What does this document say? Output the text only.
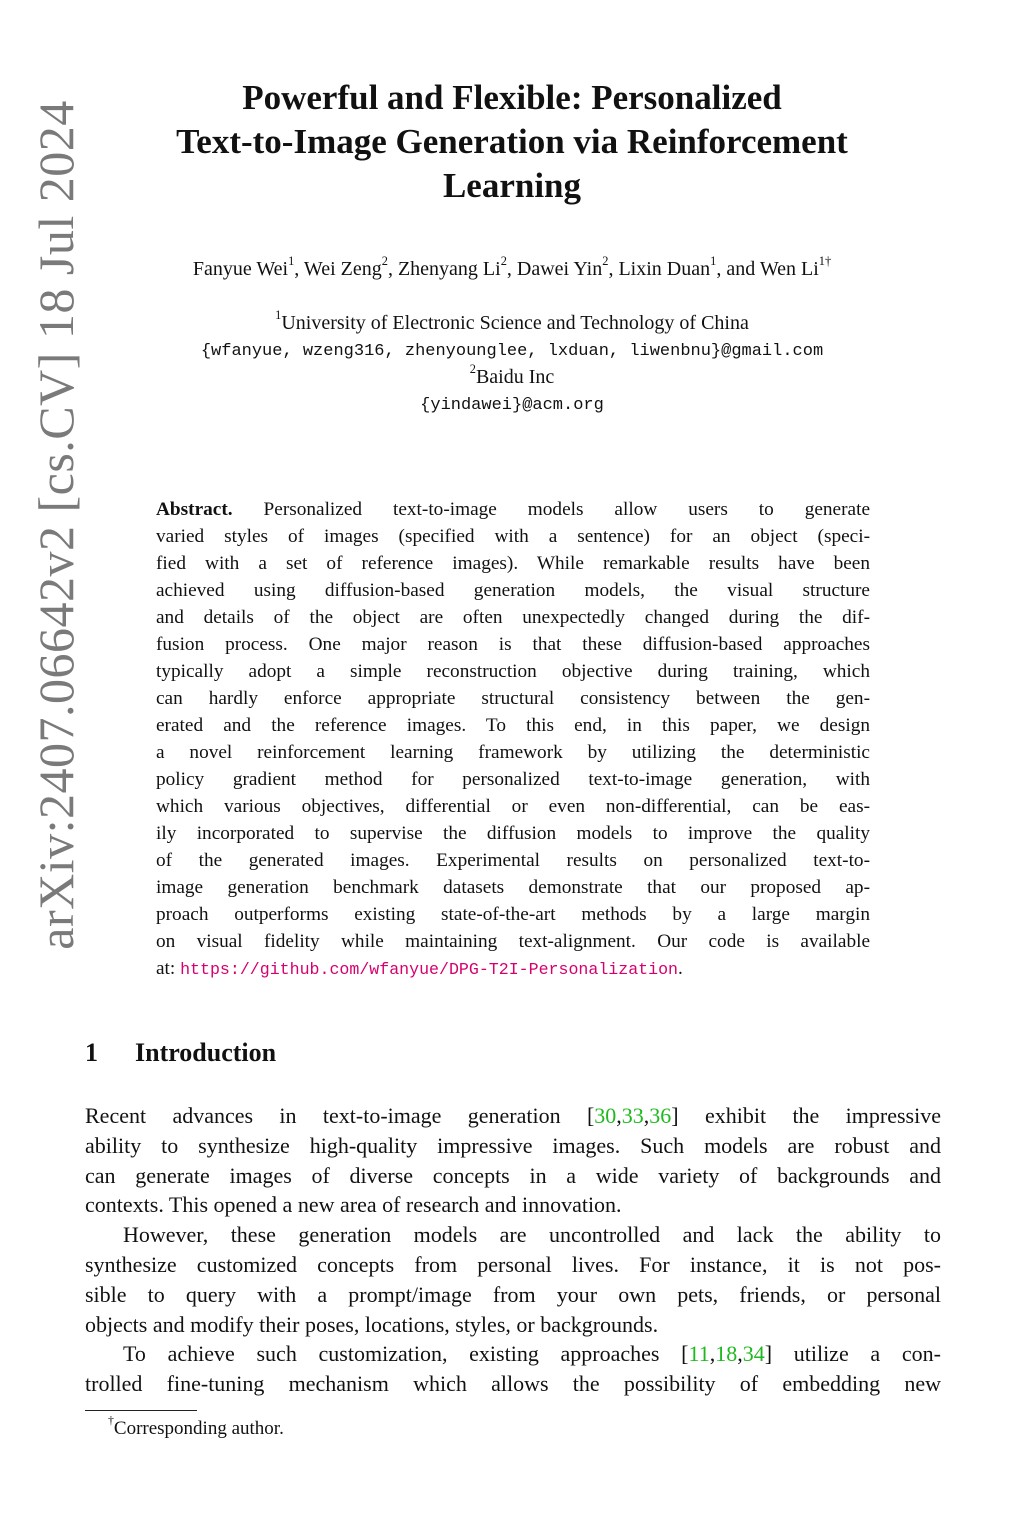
arXiv:2407.06642v2 [cs.CV] 18 Jul 2024
Powerful and Flexible: Personalized
Text-to-Image Generation via Reinforcement
Learning
Fanyue Wei$^1$, Wei Zeng$^2$, Zhenyang Li$^2$, Dawei Yin$^2$, Lixin Duan$^1$, and Wen $Li^{1\dagger}$
$^1$University of Electronic Science and Technology of China
{wfanyue, wzeng316, zhenyounglee, lxduan, liwenbnu}@gmail.com
$^2$Baidu Inc
{yindawei}@acm.org
Abstract. Personalized text-to-image models allow users to generate
varied styles of images (specified with a sentence) for an object (speci-
fied with a set of reference images). While remarkable results have been
achieved using diffusion-based generation models, the visual structure
and details of the object are often unexpectedly changed during the dif-
fusion process. One major reason is that these diffusion-based approaches
typically adopt a simple reconstruction objective during training, which
can hardly enforce appropriate structural consistency between the gen-
erated and the reference images. To this end, in this paper, we design
a novel reinforcement learning framework by utilizing the deterministic
policy gradient method for personalized text-to-image generation, with
which various objectives, differential or even non-differential, can be eas-
ily incorporated to supervise the diffusion models to improve the quality
of the generated images. Experimental results on personalized text-to-
image generation benchmark datasets demonstrate that our proposed ap-
proach outperforms existing state-of-the-art methods by a large margin
on visual fidelity while maintaining text-alignment. Our code is available
at: https://github.com/wfanyue/DPG-T2I-Personalization.
1 Introduction
Recent advances in text-to-image generation [30,33,36] exhibit the impressive
ability to synthesize high-quality impressive images. Such models are robust and
can generate images of diverse concepts in a wide variety of backgrounds and
contexts. This opened a new area of research and innovation.
However, these generation models are uncontrolled and lack the ability to
synthesize customized concepts from personal lives. For instance, it is not pos-
sible to query with a prompt/image from your own pets, friends, or personal
objects and modify their poses, locations, styles, or backgrounds.
To achieve such customization, existing approaches [11,18,34] utilize a con-
trolled fine-tuning mechanism which allows the possibility of embedding new
†Corresponding author.
